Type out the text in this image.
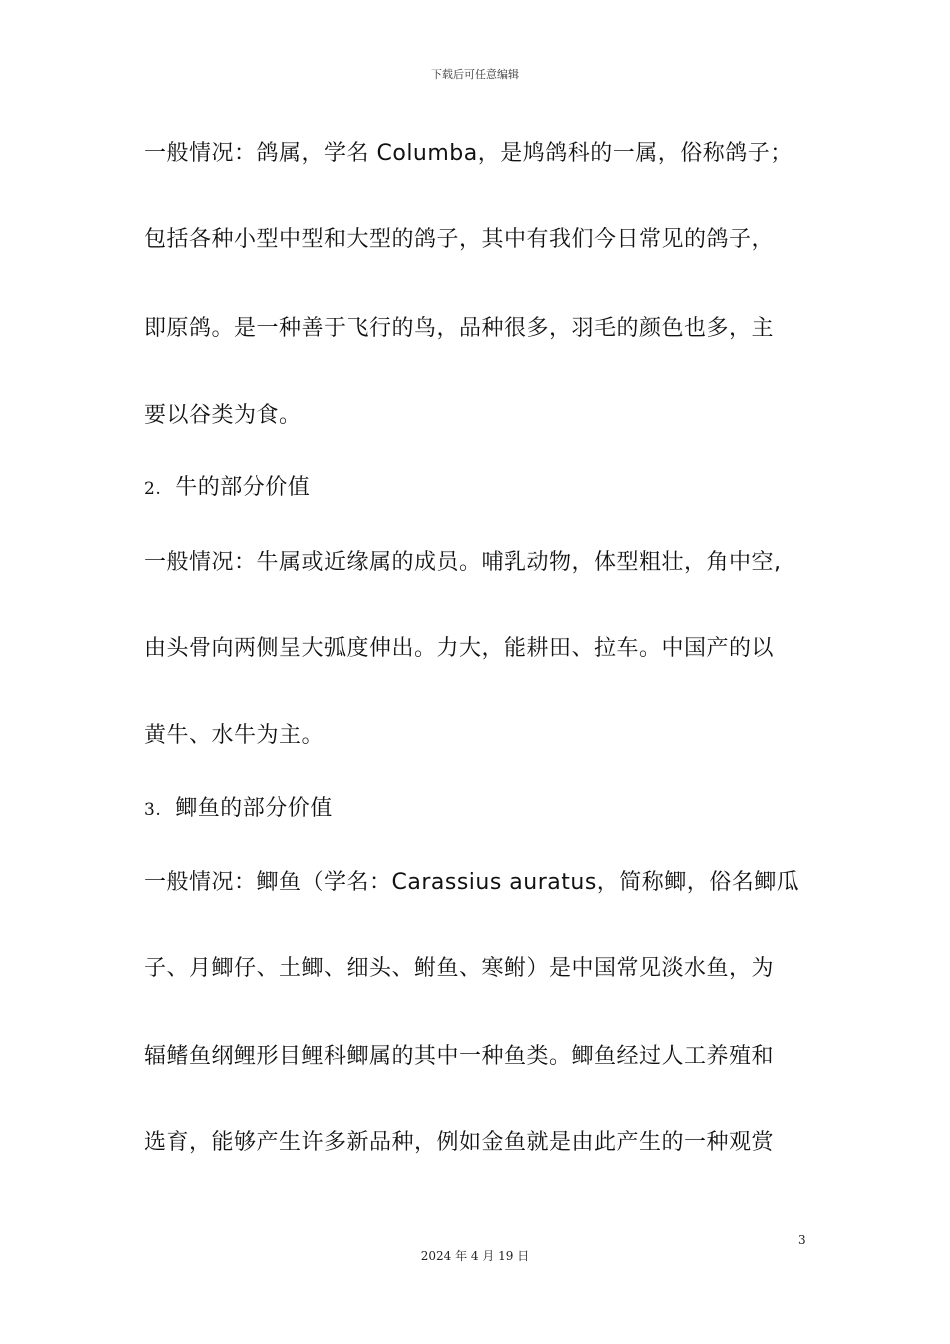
下载后可任意编辑
一般情况：鸽属，学名 Columba，是鸠鸽科的一属，俗称鸽子；
包括各种小型中型和大型的鸽子，其中有我们今日常见的鸽子，
即原鸽。是一种善于飞行的鸟，品种很多，羽毛的颜色也多，主
要以谷类为食。
2. 牛的部分价值
一般情况：牛属或近缘属的成员。哺乳动物，体型粗壮，角中空,
由头骨向两侧呈大弧度伸出。力大，能耕田、拉车。中国产的以
黄牛、水牛为主。
3. 鲫鱼的部分价值
一般情况：鲫鱼（学名：Carassius auratus，简称鲫，俗名鲫瓜
子、月鲫仔、土鲫、细头、鲋鱼、寒鲋）是中国常见淡水鱼，为
辐鳍鱼纲鲤形目鲤科鲫属的其中一种鱼类。鲫鱼经过人工养殖和
选育，能够产生许多新品种，例如金鱼就是由此产生的一种观赏
3
2024 年 4 月 19 日
